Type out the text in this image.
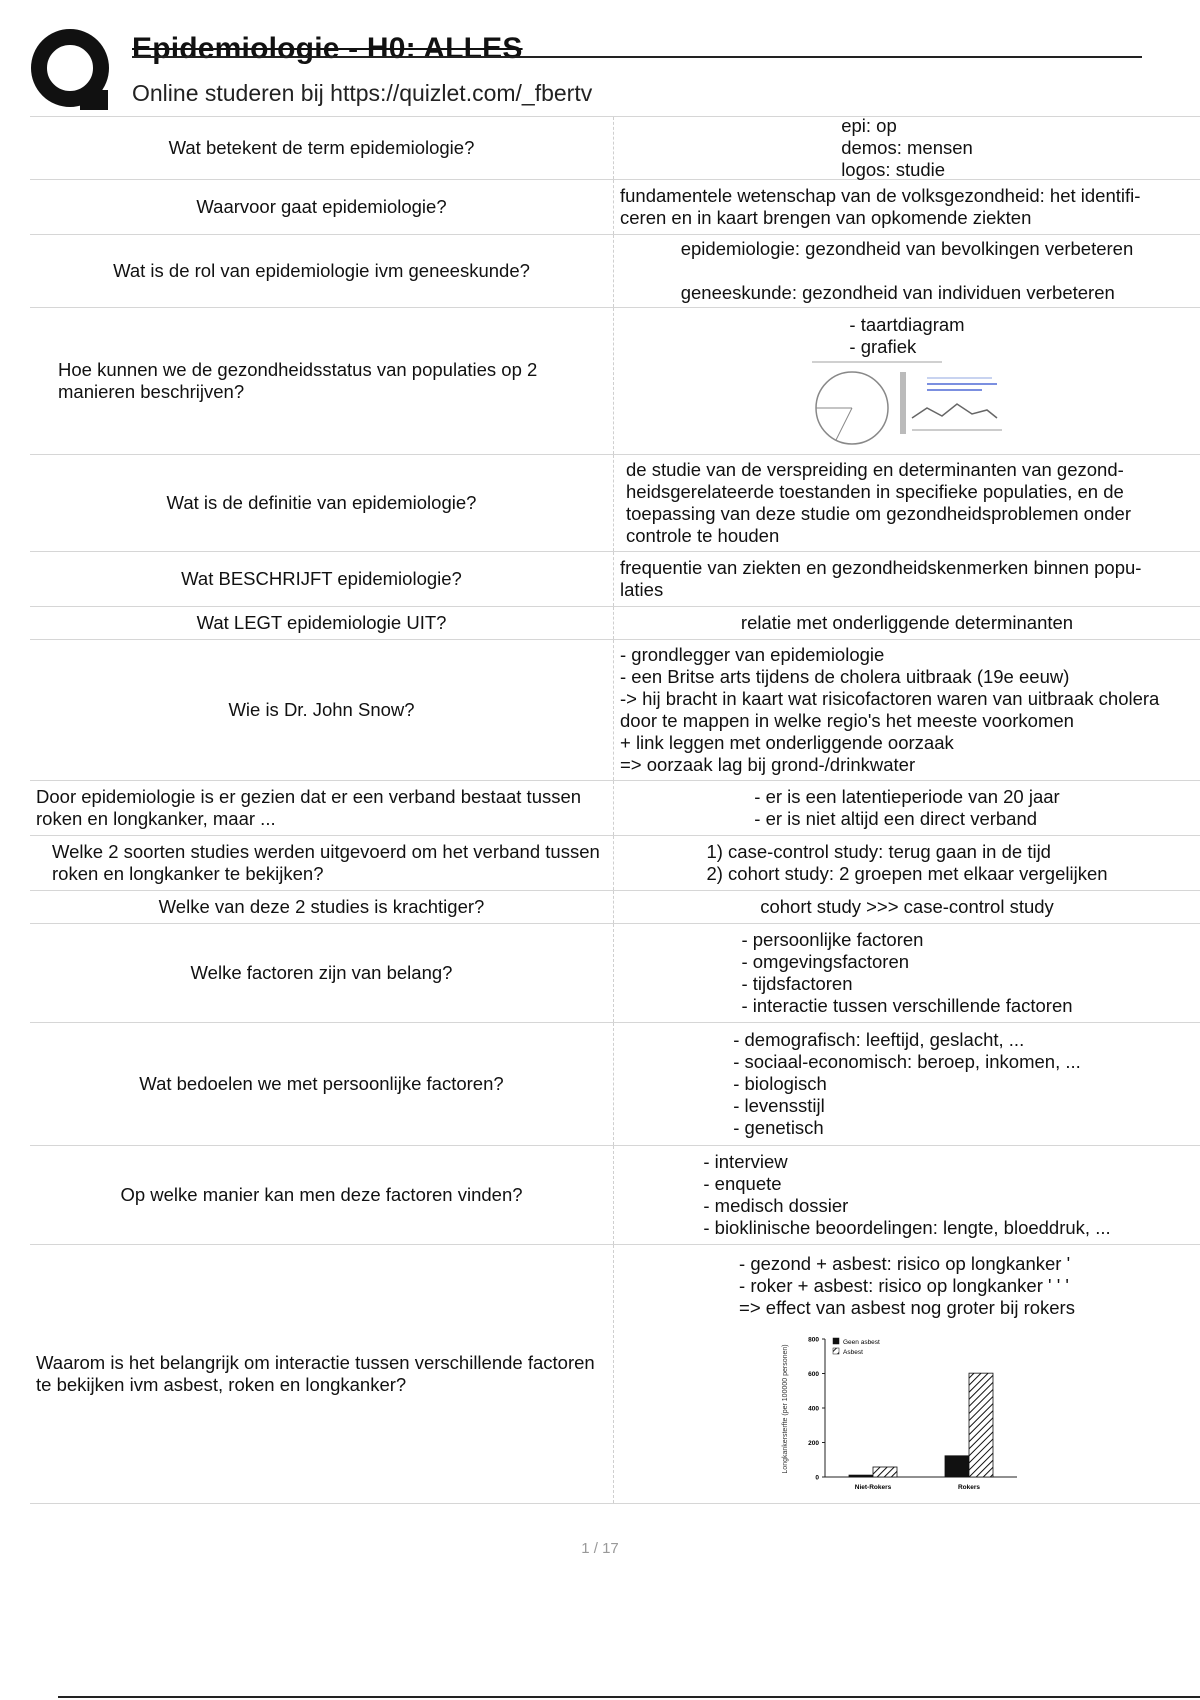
Epidemiologie - H0: ALLES
Online studeren bij https://quizlet.com/_fbertv
Wat betekent de term epidemiologie?
epi: op
demos: mensen
logos: studie
Waarvoor gaat epidemiologie?
fundamentele wetenschap van de volksgezondheid: het identifi-
ceren en in kaart brengen van opkomende ziekten
Wat is de rol van epidemiologie ivm geneeskunde?
epidemiologie: gezondheid van bevolkingen verbeteren
geneeskunde: gezondheid van individuen verbeteren
Hoe kunnen we de gezondheidsstatus van populaties op 2 manieren beschrijven?
- taartdiagram
- grafiek
Wat is de definitie van epidemiologie?
de studie van de verspreiding en determinanten van gezond-
heidsgerelateerde toestanden in specifieke populaties, en de
toepassing van deze studie om gezondheidsproblemen onder
controle te houden
Wat BESCHRIJFT epidemiologie?
frequentie van ziekten en gezondheidskenmerken binnen popu-
laties
Wat LEGT epidemiologie UIT?	relatie met onderliggende determinanten
Wie is Dr. John Snow?
- grondlegger van epidemiologie
- een Britse arts tijdens de cholera uitbraak (19e eeuw)
-> hij bracht in kaart wat risicofactoren waren van uitbraak cholera
door te mappen in welke regio's het meeste voorkomen
+ link leggen met onderliggende oorzaak
=> oorzaak lag bij grond-/drinkwater
Door epidemiologie is er gezien dat er een verband bestaat tussen roken en longkanker, maar ...
- er is een latentieperiode van 20 jaar
- er is niet altijd een direct verband
Welke 2 soorten studies werden uitgevoerd om het verband tussen roken en longkanker te bekijken?
1) case-control study: terug gaan in de tijd
2) cohort study: 2 groepen met elkaar vergelijken
Welke van deze 2 studies is krachtiger?	cohort study >>> case-control study
Welke factoren zijn van belang?
- persoonlijke factoren
- omgevingsfactoren
- tijdsfactoren
- interactie tussen verschillende factoren
Wat bedoelen we met persoonlijke factoren?
- demografisch: leeftijd, geslacht, ...
- sociaal-economisch: beroep, inkomen, ...
- biologisch
- levensstijl
- genetisch
Op welke manier kan men deze factoren vinden?
- interview
- enquete
- medisch dossier
- bioklinische beoordelingen: lengte, bloeddruk, ...
Waarom is het belangrijk om interactie tussen verschillende factoren te bekijken ivm asbest, roken en longkanker?
- gezond + asbest: risico op longkanker '
- roker + asbest: risico op longkanker ' ' '
=> effect van asbest nog groter bij rokers
Longkankersterfte (per 100000 personen)
0
200
400
600
800
Niet-Rokers	Rokers
Geen asbest
Asbest
1 / 17
